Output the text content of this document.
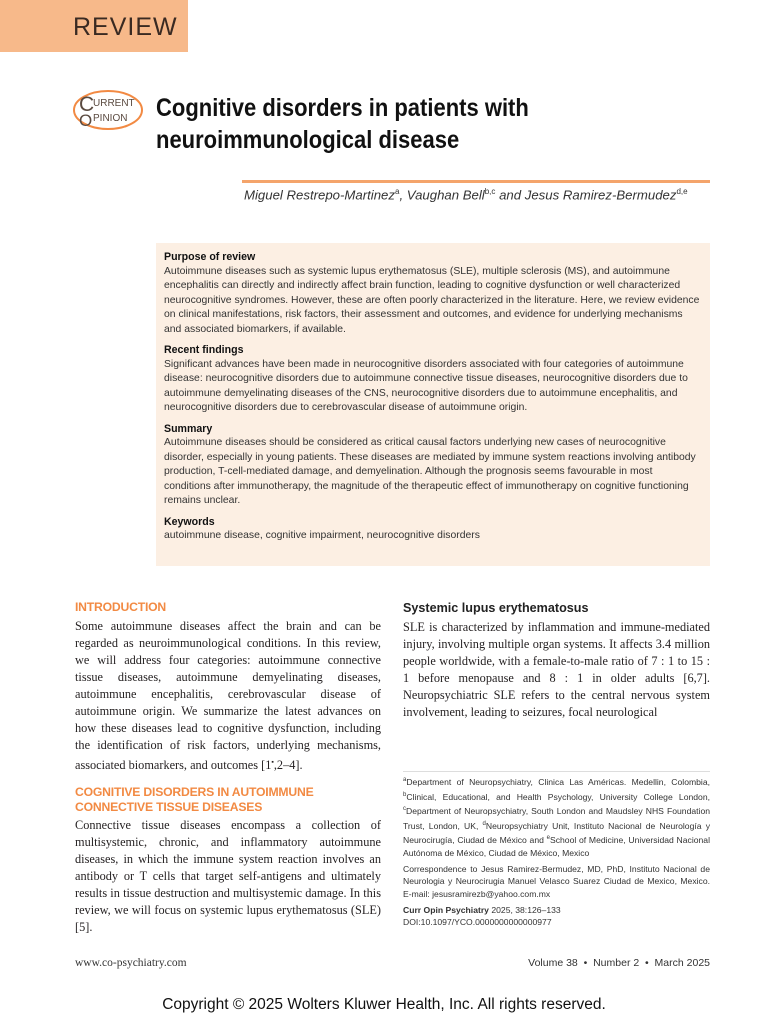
REVIEW
C
URRENT
O PINION Cognitive disorders in patients with
neuroimmunological disease
Miguel Restrepo-Martinez$^a$, Vaughan Bell$^{b,c}$ and Jesus Ramirez-Bermudez$^{d,e}$
Purpose of review

Autoimmune diseases such as systemic lupus erythematosus (SLE), multiple sclerosis (MS), and autoimmune encephalitis can directly and indirectly affect brain function, leading to cognitive dysfunction or well characterized neurocognitive syndromes. However, these are often poorly characterized in the literature. Here, we review evidence on clinical manifestations, risk factors, their assessment and outcomes, and evidence for underlying mechanisms and associated biomarkers, if available.

Recent findings

Significant advances have been made in neurocognitive disorders associated with four categories of autoimmune disease: neurocognitive disorders due to autoimmune connective tissue diseases, neurocognitive disorders due to autoimmune demyelinating diseases of the CNS, neurocognitive disorders due to autoimmune encephalitis, and neurocognitive disorders due to cerebrovascular disease of autoimmune origin.

Summary

Autoimmune diseases should be considered as critical causal factors underlying new cases of neurocognitive disorder, especially in young patients. These diseases are mediated by immune system reactions involving antibody production, T-cell-mediated damage, and demyelination. Although the prognosis seems favourable in most conditions after immunotherapy, the magnitude of the therapeutic effect of immunotherapy on cognitive functioning remains unclear.

Keywords

autoimmune disease, cognitive impairment, neurocognitive disorders

INTRODUCTION

Some autoimmune diseases affect the brain and can be regarded as neuroimmunological conditions. In this review, we will address four categories: autoimmune connective tissue diseases, autoimmune demyelinating diseases, autoimmune encephalitis, cerebrovascular disease of autoimmune origin. We summarize the latest advances on how these diseases lead to cognitive dysfunction, including the identification of risk factors, underlying mechanisms, associated biomarkers, and outcomes [1▪,2–4].

COGNITIVE DISORDERS IN AUTOIMMUNE
CONNECTIVE TISSUE DISEASES

Connective tissue diseases encompass a collection of multisystemic, chronic, and inflammatory autoimmune diseases, in which the immune system reaction involves an antibody or T cells that target self-antigens and ultimately results in tissue destruction and multisystemic damage. In this review, we will focus on systemic lupus erythematosus (SLE) [5].

Systemic lupus erythematosus

SLE is characterized by inflammation and immune-mediated injury, involving multiple organ systems. It affects 3.4 million people worldwide, with a female-to-male ratio of 7 : 1 to 15 : 1 before menopause and 8 : 1 in older adults [6,7]. Neuropsychiatric SLE refers to the central nervous system involvement, leading to seizures, focal neurological

$^a$Department of Neuropsychiatry, Clinica Las Américas. Medellin, Colombia, $^b$Clinical, Educational, and Health Psychology, University College London, $^c$Department of Neuropsychiatry, South London and Maudsley NHS Foundation Trust, London, UK, $^d$Neuropsychiatry Unit, Instituto Nacional de Neurología y Neurocirugía, Ciudad de México and $^e$School of Medicine, Universidad Nacional Autónoma de México, Ciudad de México, Mexico

Correspondence to Jesus Ramirez-Bermudez, MD, PhD, Instituto Nacional de Neurologia y Neurocirugia Manuel Velasco Suarez Ciudad de Mexico, Mexico. E-mail: jesusramirezb@yahoo.com.mx

Curr Opin Psychiatry 2025, 38:126–133
DOI:10.1097/YCO.0000000000000977
www.co-psychiatry.com	Volume 38  •  Number 2  •  March 2025
Copyright © 2025 Wolters Kluwer Health, Inc. All rights reserved.
